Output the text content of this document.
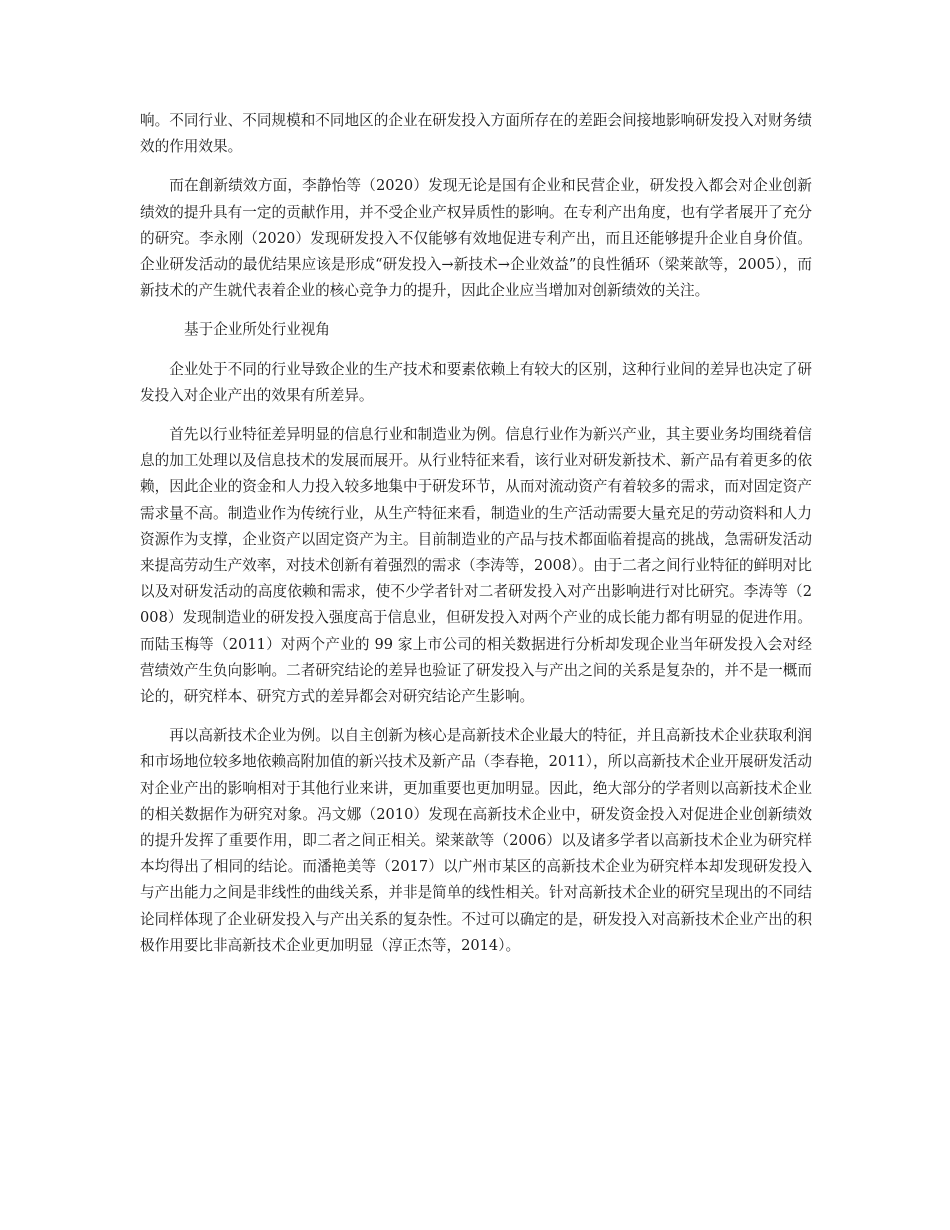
响。不同行业、不同规模和不同地区的企业在研发投入方面所存在的差距会间接地影响研发投入对财务绩效的作用效果。

而在創新绩效方面，李静怡等（2020）发现无论是国有企业和民营企业，研发投入都会对企业创新绩效的提升具有一定的贡献作用，并不受企业产权异质性的影响。在专利产出角度，也有学者展开了充分的研究。李永刚（2020）发现研发投入不仅能够有效地促进专利产出，而且还能够提升企业自身价值。企业研发活动的最优结果应该是形成“研发投入→新技术→企业效益”的良性循环（梁莱歆等，2005），而新技术的产生就代表着企业的核心竞争力的提升，因此企业应当增加对创新绩效的关注。

基于企业所处行业视角

企业处于不同的行业导致企业的生产技术和要素依赖上有较大的区别，这种行业间的差异也决定了研发投入对企业产出的效果有所差异。

首先以行业特征差异明显的信息行业和制造业为例。信息行业作为新兴产业，其主要业务均围绕着信息的加工处理以及信息技术的发展而展开。从行业特征来看，该行业对研发新技术、新产品有着更多的依赖，因此企业的资金和人力投入较多地集中于研发环节，从而对流动资产有着较多的需求，而对固定资产需求量不高。制造业作为传统行业，从生产特征来看，制造业的生产活动需要大量充足的劳动资料和人力资源作为支撑，企业资产以固定资产为主。目前制造业的产品与技术都面临着提高的挑战，急需研发活动来提高劳动生产效率，对技术创新有着强烈的需求（李涛等，2008）。由于二者之间行业特征的鲜明对比以及对研发活动的高度依赖和需求，使不少学者针对二者研发投入对产出影响进行对比研究。李涛等（2008）发现制造业的研发投入强度高于信息业，但研发投入对两个产业的成长能力都有明显的促进作用。而陆玉梅等（2011）对两个产业的 99 家上市公司的相关数据进行分析却发现企业当年研发投入会对经营绩效产生负向影响。二者研究结论的差异也验证了研发投入与产出之间的关系是复杂的，并不是一概而论的，研究样本、研究方式的差异都会对研究结论产生影响。

再以高新技术企业为例。以自主创新为核心是高新技术企业最大的特征，并且高新技术企业获取利润和市场地位较多地依赖高附加值的新兴技术及新产品（李春艳，2011），所以高新技术企业开展研发活动对企业产出的影响相对于其他行业来讲，更加重要也更加明显。因此，绝大部分的学者则以高新技术企业的相关数据作为研究对象。冯文娜（2010）发现在高新技术企业中，研发资金投入对促进企业创新绩效的提升发挥了重要作用，即二者之间正相关。梁莱歆等（2006）以及诸多学者以高新技术企业为研究样本均得出了相同的结论。而潘艳美等（2017）以广州市某区的高新技术企业为研究样本却发现研发投入与产出能力之间是非线性的曲线关系，并非是简单的线性相关。针对高新技术企业的研究呈现出的不同结论同样体现了企业研发投入与产出关系的复杂性。不过可以确定的是，研发投入对高新技术企业产出的积极作用要比非高新技术企业更加明显（淳正杰等，2014）。
